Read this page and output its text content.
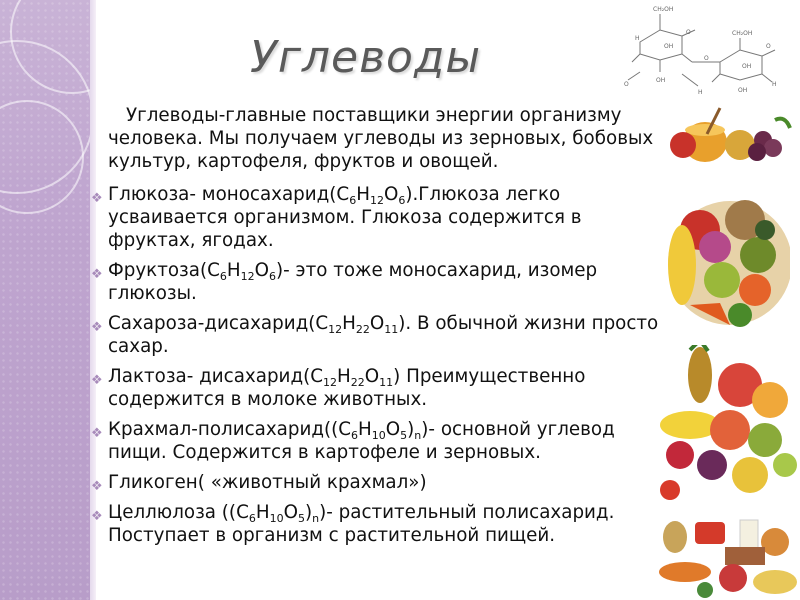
Углеводы
CH₂OH
H
O
OH
CH₂OH
O
O
OH
OH
OH
H
O
H

Углеводы-главные поставщики энергии организму человека. Мы получаем углеводы из зерновых, бобовых культур, картофеля, фруктов и овощей.

❖ Глюкоза- $моносахарид(С_6Н_{12}О_6).Глюкоза$ легко усваивается организмом. Глюкоза содержится в фруктах, ягодах.
❖ $Фруктоза(С_6Н_{12}О_6)-$ это тоже моносахарид, изомер глюкозы.
❖ Сахароза-$дисахарид(С_{12}Н_{22}О_{11})$. В обычной жизни просто сахар.
❖ Лактоза- $дисахарид(С_{12}Н_{22}О_{11})$ Преимущественно содержится в молоке животных.
❖ Крахмал-$полисахарид((С_6Н_{10}О_5)_n)-$ основной углевод пищи. Содержится в картофеле и зерновых.
❖ Гликоген( «животный крахмал»)
❖ Целлюлоза $((С_6Н_{10}О_5)_n)-$ растительный полисахарид. Поступает в организм с растительной пищей.
